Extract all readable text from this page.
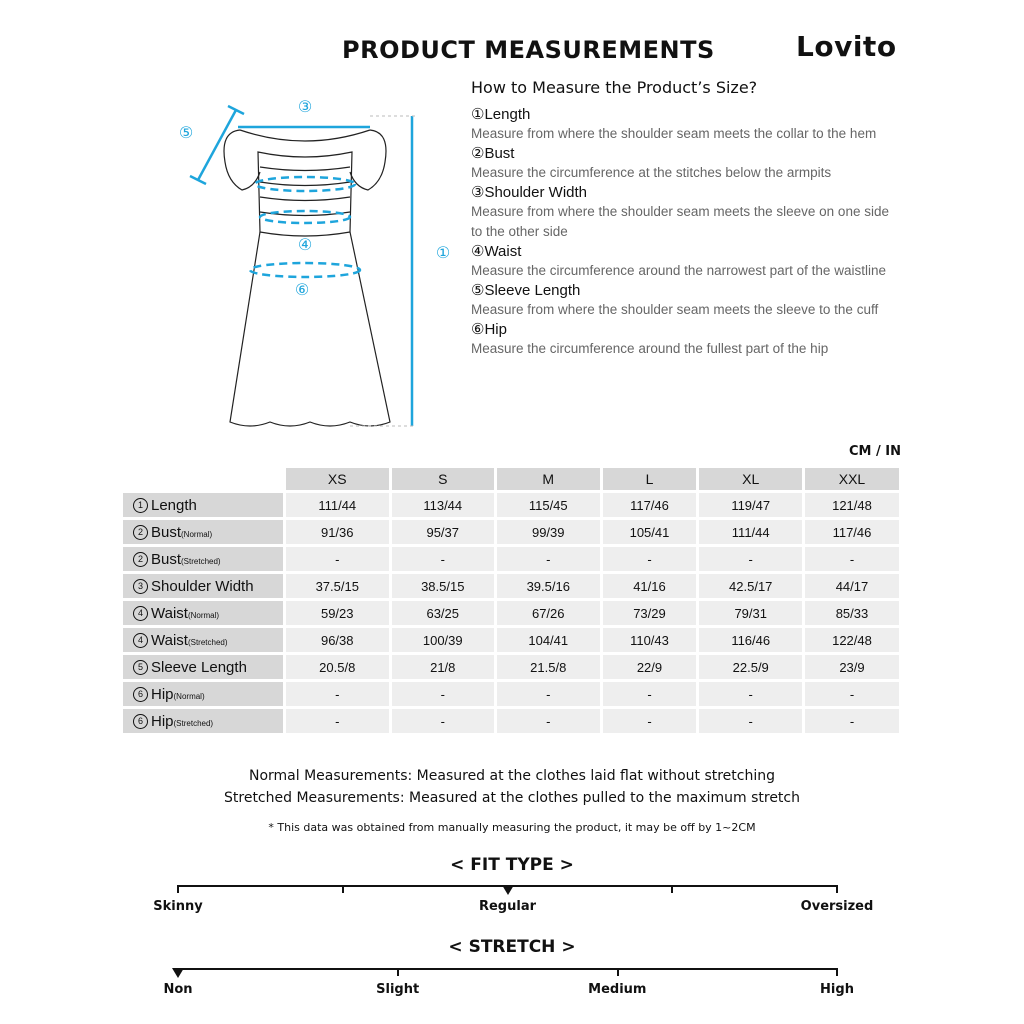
PRODUCT MEASUREMENTS	Lovito
③
⑤
④
⑥
①
How to Measure the Product’s Size?
①Length
Measure from where the shoulder seam meets the collar to the hem
②Bust
Measure the circumference at the stitches below the armpits
③Shoulder Width
Measure from where the shoulder seam meets the sleeve on one side to the other side
④Waist
Measure the circumference around the narrowest part of the waistline
⑤Sleeve Length
Measure from where the shoulder seam meets the sleeve to the cuff
⑥Hip
Measure the circumference around the fullest part of the hip
CM / IN
	XS	S	M	L	XL	XXL
1 Length	111/44	113/44	115/45	117/46	119/47	121/48
2 Bust(Normal)	91/36	95/37	99/39	105/41	111/44	117/46
2 Bust(Stretched)	-	-	-	-	-	-
3 Shoulder Width	37.5/15	38.5/15	39.5/16	41/16	42.5/17	44/17
4 Waist(Normal)	59/23	63/25	67/26	73/29	79/31	85/33
4 Waist(Stretched)	96/38	100/39	104/41	110/43	116/46	122/48
5 Sleeve Length	20.5/8	21/8	21.5/8	22/9	22.5/9	23/9
6 Hip(Normal)	-	-	-	-	-	-
6 Hip(Stretched)	-	-	-	-	-	-
Normal Measurements: Measured at the clothes laid flat without stretching
Stretched Measurements: Measured at the clothes pulled to the maximum stretch
* This data was obtained from manually measuring the product, it may be off by 1~2CM
< FIT TYPE >
Skinny	Regular	Oversized
< STRETCH >
Non	Slight	Medium	High
